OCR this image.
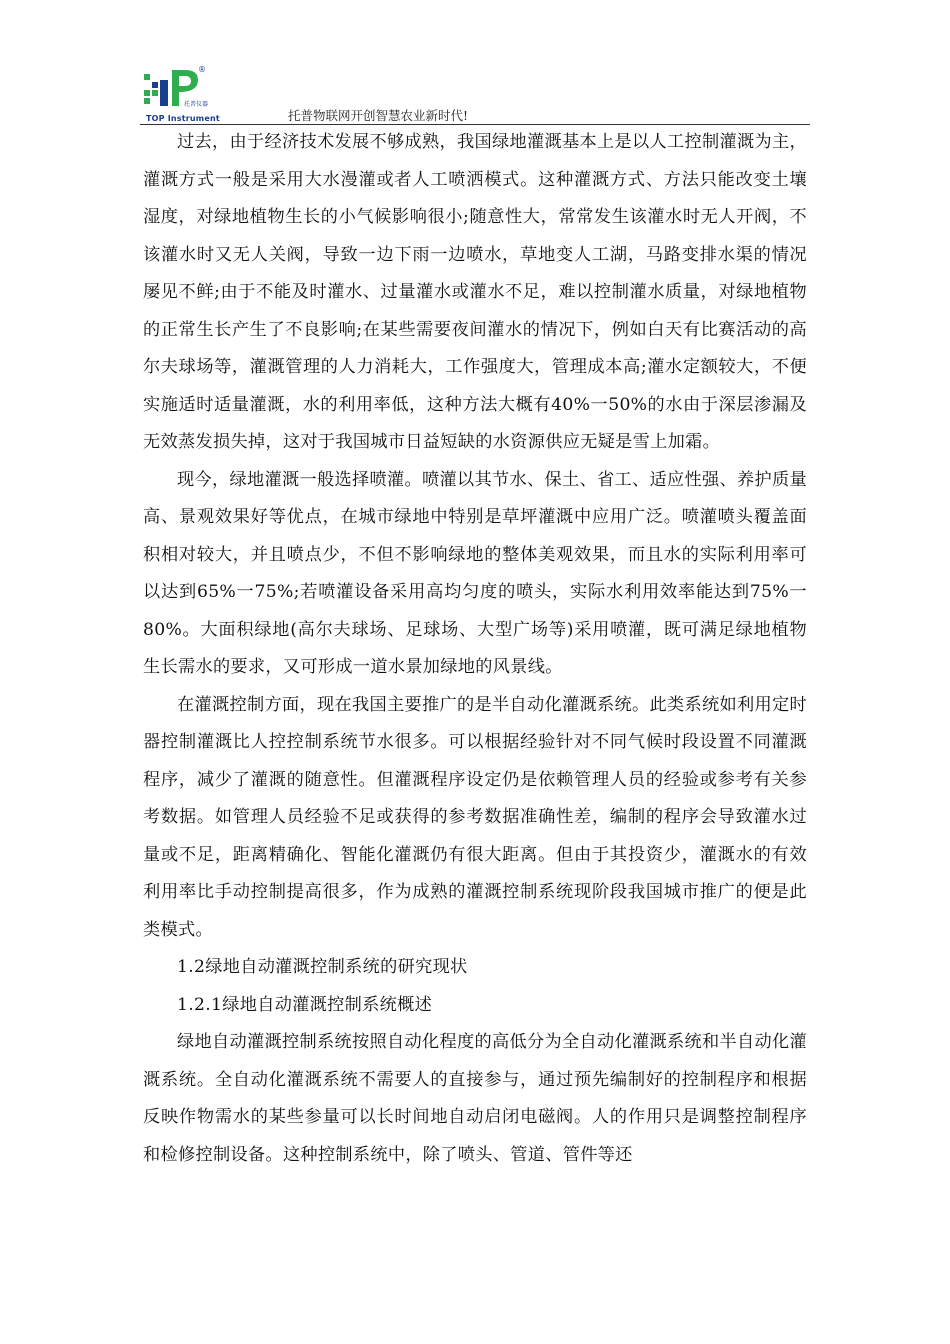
托普仪器
®
TOP Instrument	托普物联网开创智慧农业新时代!

过去，由于经济技术发展不够成熟，我国绿地灌溉基本上是以人工控制灌溉为主，灌溉方式一般是采用大水漫灌或者人工喷洒模式。这种灌溉方式、方法只能改变土壤湿度，对绿地植物生长的小气候影响很小;随意性大，常常发生该灌水时无人开阀，不该灌水时又无人关阀，导致一边下雨一边喷水，草地变人工湖，马路变排水渠的情况屡见不鲜;由于不能及时灌水、过量灌水或灌水不足，难以控制灌水质量，对绿地植物的正常生长产生了不良影响;在某些需要夜间灌水的情况下，例如白天有比赛活动的高尔夫球场等，灌溉管理的人力消耗大，工作强度大，管理成本高;灌水定额较大，不便实施适时适量灌溉，水的利用率低，这种方法大概有40%一50%的水由于深层渗漏及无效蒸发损失掉，这对于我国城市日益短缺的水资源供应无疑是雪上加霜。

现今，绿地灌溉一般选择喷灌。喷灌以其节水、保土、省工、适应性强、养护质量高、景观效果好等优点，在城市绿地中特别是草坪灌溉中应用广泛。喷灌喷头覆盖面积相对较大，并且喷点少，不但不影响绿地的整体美观效果，而且水的实际利用率可以达到65%一75%;若喷灌设备采用高均匀度的喷头，实际水利用效率能达到75%一80%。大面积绿地(高尔夫球场、足球场、大型广场等)采用喷灌，既可满足绿地植物生长需水的要求，又可形成一道水景加绿地的风景线。

在灌溉控制方面，现在我国主要推广的是半自动化灌溉系统。此类系统如利用定时器控制灌溉比人控控制系统节水很多。可以根据经验针对不同气候时段设置不同灌溉程序，减少了灌溉的随意性。但灌溉程序设定仍是依赖管理人员的经验或参考有关参考数据。如管理人员经验不足或获得的参考数据准确性差，编制的程序会导致灌水过量或不足，距离精确化、智能化灌溉仍有很大距离。但由于其投资少，灌溉水的有效利用率比手动控制提高很多，作为成熟的灌溉控制系统现阶段我国城市推广的便是此类模式。

1.2绿地自动灌溉控制系统的研究现状

1.2.1绿地自动灌溉控制系统概述

绿地自动灌溉控制系统按照自动化程度的高低分为全自动化灌溉系统和半自动化灌溉系统。全自动化灌溉系统不需要人的直接参与，通过预先编制好的控制程序和根据反映作物需水的某些参量可以长时间地自动启闭电磁阀。人的作用只是调整控制程序和检修控制设备。这种控制系统中，除了喷头、管道、管件等还
